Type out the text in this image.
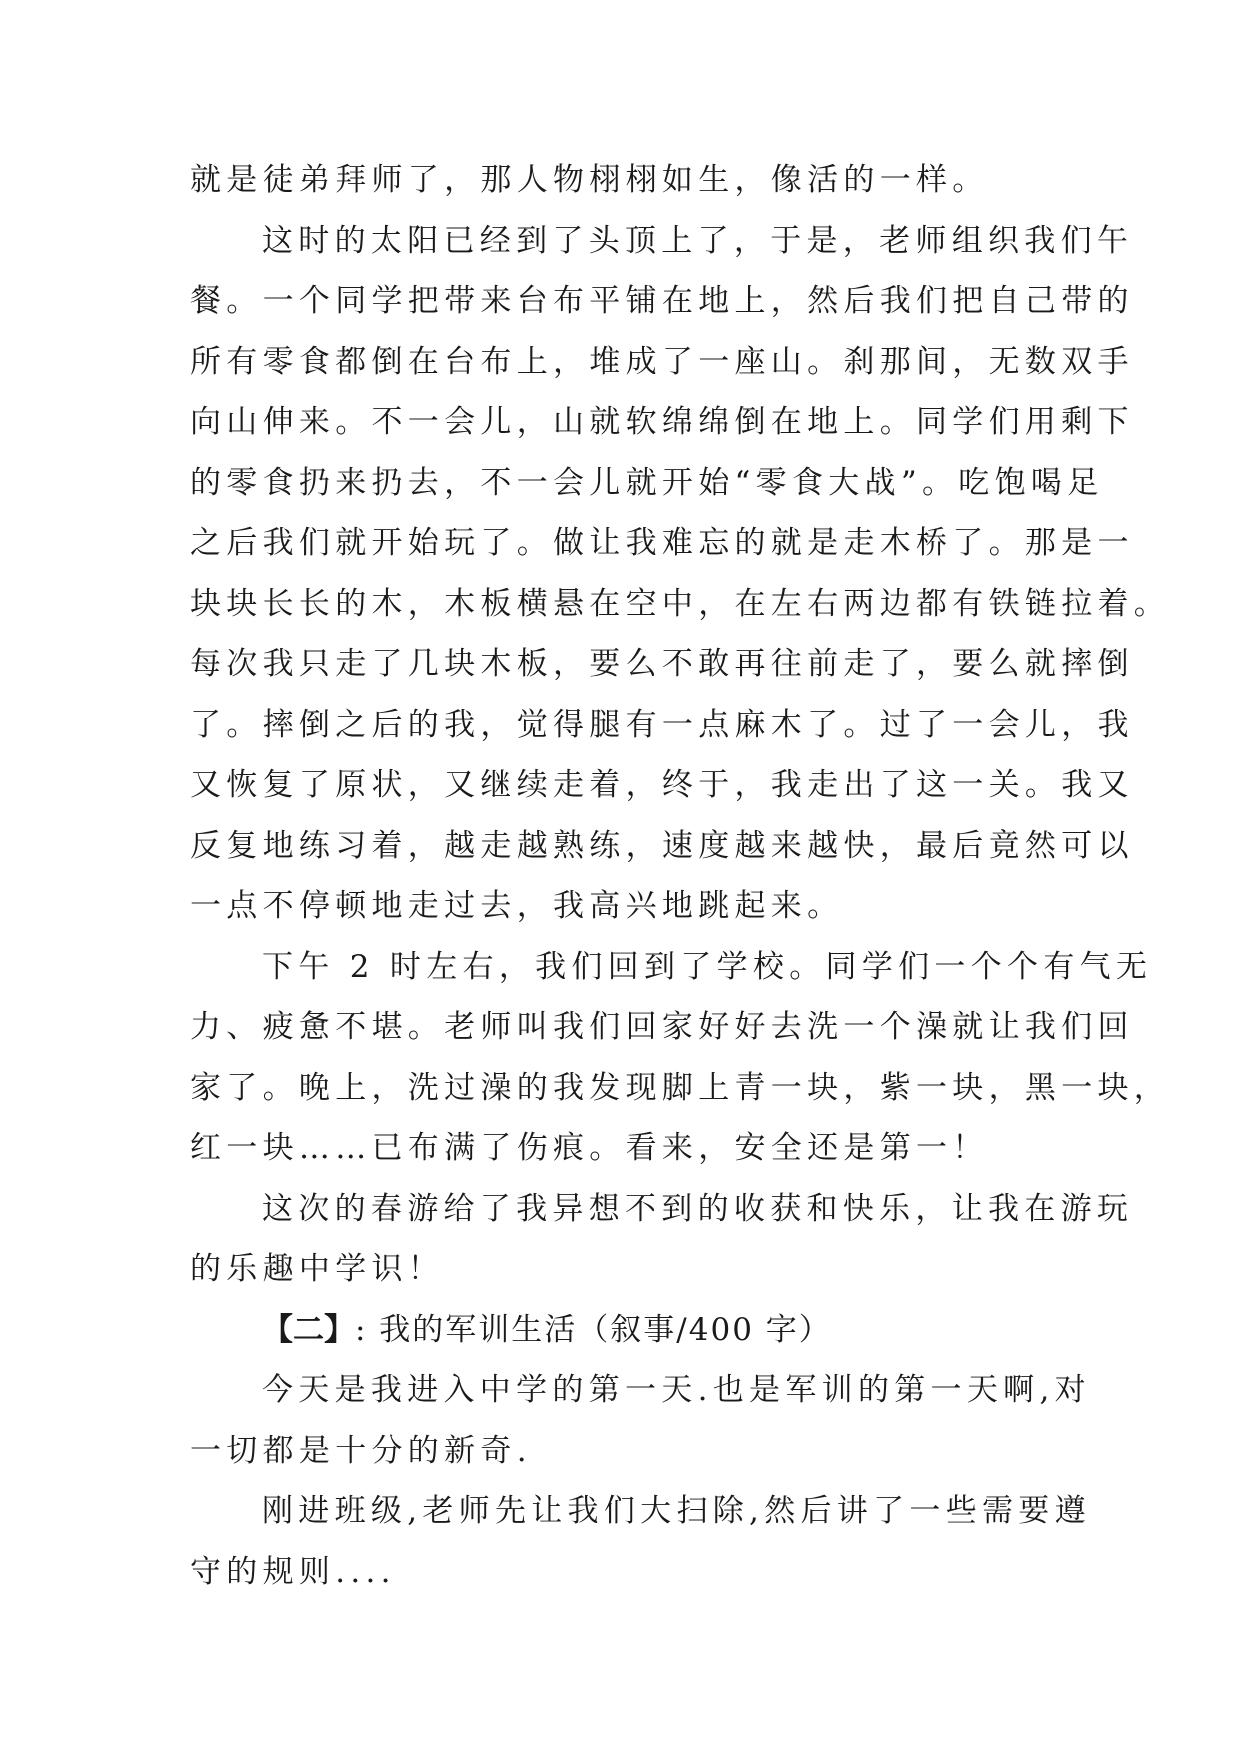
就是徒弟拜师了，那人物栩栩如生，像活的一样。
这时的太阳已经到了头顶上了，于是，老师组织我们午
餐。一个同学把带来台布平铺在地上，然后我们把自己带的
所有零食都倒在台布上，堆成了一座山。刹那间，无数双手
向山伸来。不一会儿，山就软绵绵倒在地上。同学们用剩下
的零食扔来扔去，不一会儿就开始“零食大战”。吃饱喝足
之后我们就开始玩了。做让我难忘的就是走木桥了。那是一
块块长长的木，木板横悬在空中，在左右两边都有铁链拉着。
每次我只走了几块木板，要么不敢再往前走了，要么就摔倒
了。摔倒之后的我，觉得腿有一点麻木了。过了一会儿，我
又恢复了原状，又继续走着，终于，我走出了这一关。我又
反复地练习着，越走越熟练，速度越来越快，最后竟然可以
一点不停顿地走过去，我高兴地跳起来。
下午 2 时左右，我们回到了学校。同学们一个个有气无
力、疲惫不堪。老师叫我们回家好好去洗一个澡就让我们回
家了。晚上，洗过澡的我发现脚上青一块，紫一块，黑一块，
红一块……已布满了伤痕。看来，安全还是第一！
这次的春游给了我异想不到的收获和快乐，让我在游玩
的乐趣中学识！
【二】: 我的军训生活（叙事/400 字）
今天是我进入中学的第一天.也是军训的第一天啊,对
一切都是十分的新奇.
刚进班级,老师先让我们大扫除,然后讲了一些需要遵
守的规则....
